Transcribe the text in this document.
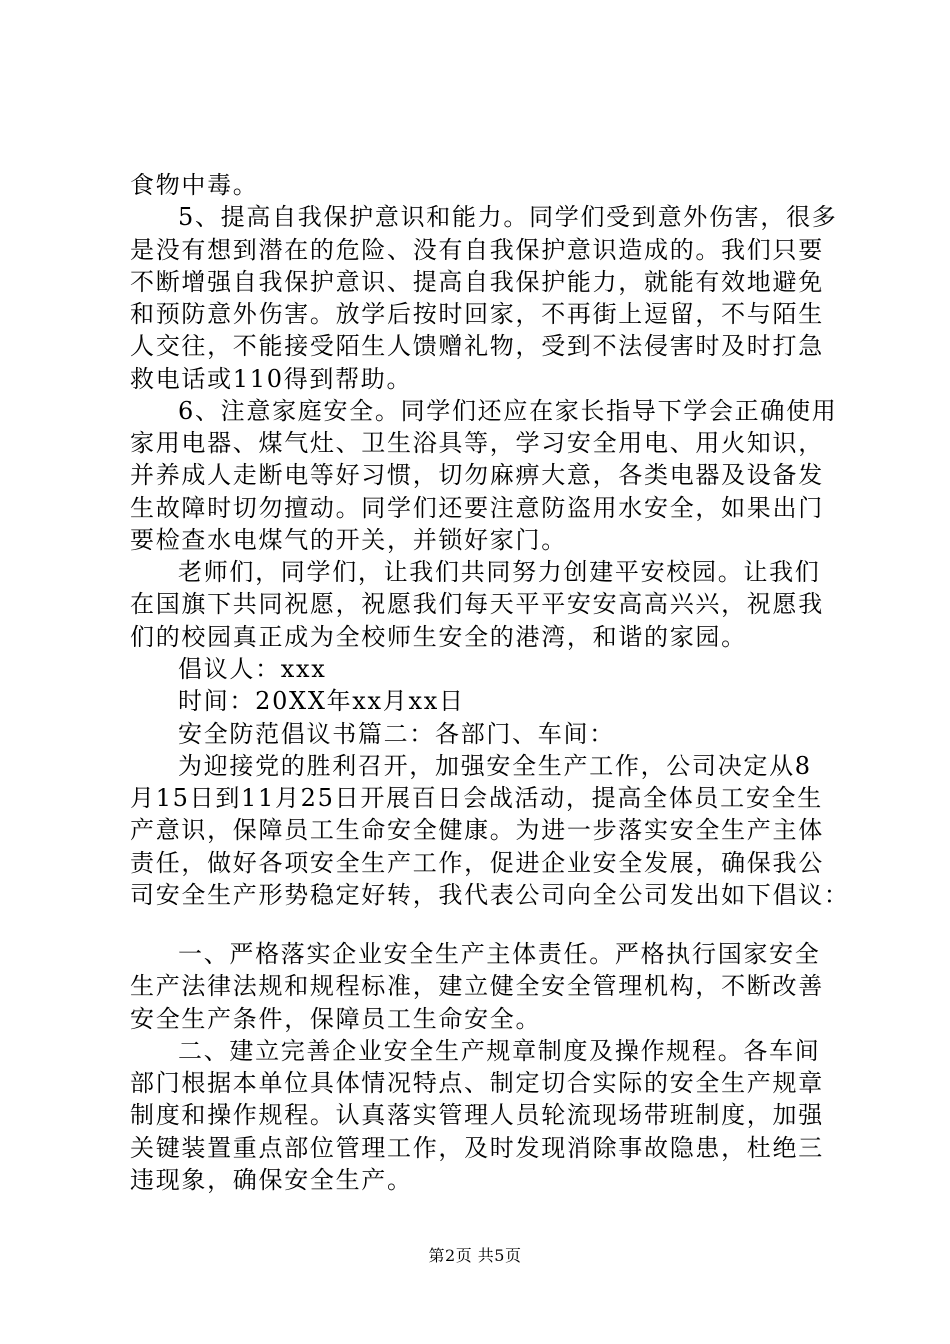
食物中毒。
5、提高自我保护意识和能力。同学们受到意外伤害，很多
是没有想到潜在的危险、没有自我保护意识造成的。我们只要
不断增强自我保护意识、提高自我保护能力，就能有效地避免
和预防意外伤害。放学后按时回家，不再街上逗留，不与陌生
人交往，不能接受陌生人馈赠礼物，受到不法侵害时及时打急
救电话或110得到帮助。
6、注意家庭安全。同学们还应在家长指导下学会正确使用
家用电器、煤气灶、卫生浴具等，学习安全用电、用火知识，
并养成人走断电等好习惯，切勿麻痹大意，各类电器及设备发
生故障时切勿擅动。同学们还要注意防盗用水安全，如果出门
要检查水电煤气的开关，并锁好家门。
老师们，同学们，让我们共同努力创建平安校园。让我们
在国旗下共同祝愿，祝愿我们每天平平安安高高兴兴，祝愿我
们的校园真正成为全校师生安全的港湾，和谐的家园。
倡议人：xxx
时间：20XX年xx月xx日
安全防范倡议书篇二：各部门、车间：
为迎接党的胜利召开，加强安全生产工作，公司决定从8
月15日到11月25日开展百日会战活动，提高全体员工安全生
产意识，保障员工生命安全健康。为进一步落实安全生产主体
责任，做好各项安全生产工作，促进企业安全发展，确保我公
司安全生产形势稳定好转，我代表公司向全公司发出如下倡议：
一、严格落实企业安全生产主体责任。严格执行国家安全
生产法律法规和规程标准，建立健全安全管理机构，不断改善
安全生产条件，保障员工生命安全。
二、建立完善企业安全生产规章制度及操作规程。各车间
部门根据本单位具体情况特点、制定切合实际的安全生产规章
制度和操作规程。认真落实管理人员轮流现场带班制度，加强
关键装置重点部位管理工作，及时发现消除事故隐患，杜绝三
违现象，确保安全生产。
第2页 共5页
